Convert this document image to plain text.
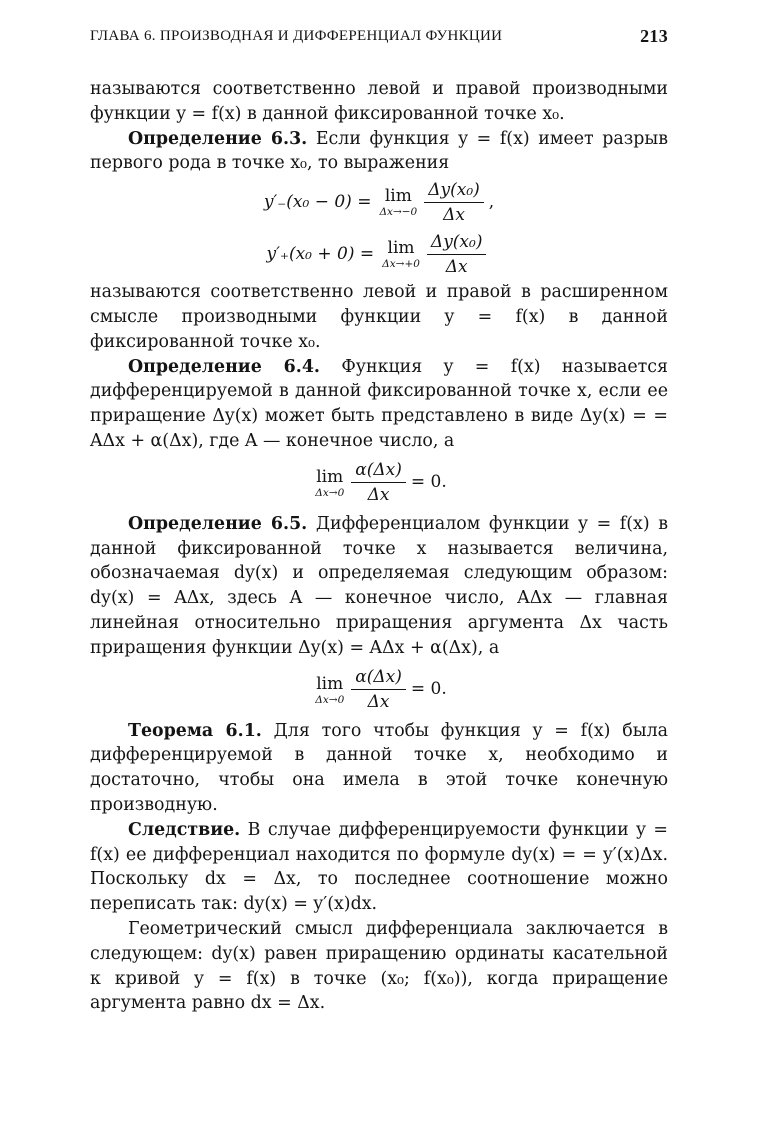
ГЛАВА 6. ПРОИЗВОДНАЯ И ДИФФЕРЕНЦИАЛ ФУНКЦИИ	213

называются соответственно левой и правой производными функции y = f(x) в данной фиксированной точке x₀.

Определение 6.3. Если функция y = f(x) имеет разрыв первого рода в точке x₀, то выражения

y′₋(x₀ − 0) = lim
$\Delta x\to-0 \frac{\text{Δy(x₀)}}{\Delta x}$ ,
y′₊(x₀ + 0) = lim
$\Delta x\to+0 \frac{\text{Δy(x₀)}}{\Delta x}$

называются соответственно левой и правой в расширенном смысле производными функции y = f(x) в данной фиксированной точке x₀.

Определение 6.4. Функция y = f(x) называется дифференцируемой в данной фиксированной точке x, если ее приращение Δy(x) может быть представлено в виде Δy(x) = = AΔx + α(Δx), где A — конечное число, а

lim
$\Delta x\to 0 \frac{\alpha(\Delta x)}{\Delta x} = 0$.

Определение 6.5. Дифференциалом функции y = f(x) в данной фиксированной точке x называется величина, обозначаемая dy(x) и определяемая следующим образом: dy(x) = AΔx, здесь A — конечное число, AΔx — главная линейная относительно приращения аргумента Δx часть приращения функции Δy(x) = AΔx + α(Δx), а

lim
$\Delta x\to 0 \frac{\alpha(\Delta x)}{\Delta x} = 0$.

Теорема 6.1. Для того чтобы функция y = f(x) была дифференцируемой в данной точке x, необходимо и достаточно, чтобы она имела в этой точке конечную производную.

Следствие. В случае дифференцируемости функции y = f(x) ее дифференциал находится по формуле dy(x) = = y′(x)Δx. Поскольку dx = Δx, то последнее соотношение можно переписать так: dy(x) = y′(x)dx.

Геометрический смысл дифференциала заключается в следующем: dy(x) равен приращению ординаты касательной к кривой y = f(x) в точке (x₀; f(x₀)), когда приращение аргумента равно dx = Δx.
